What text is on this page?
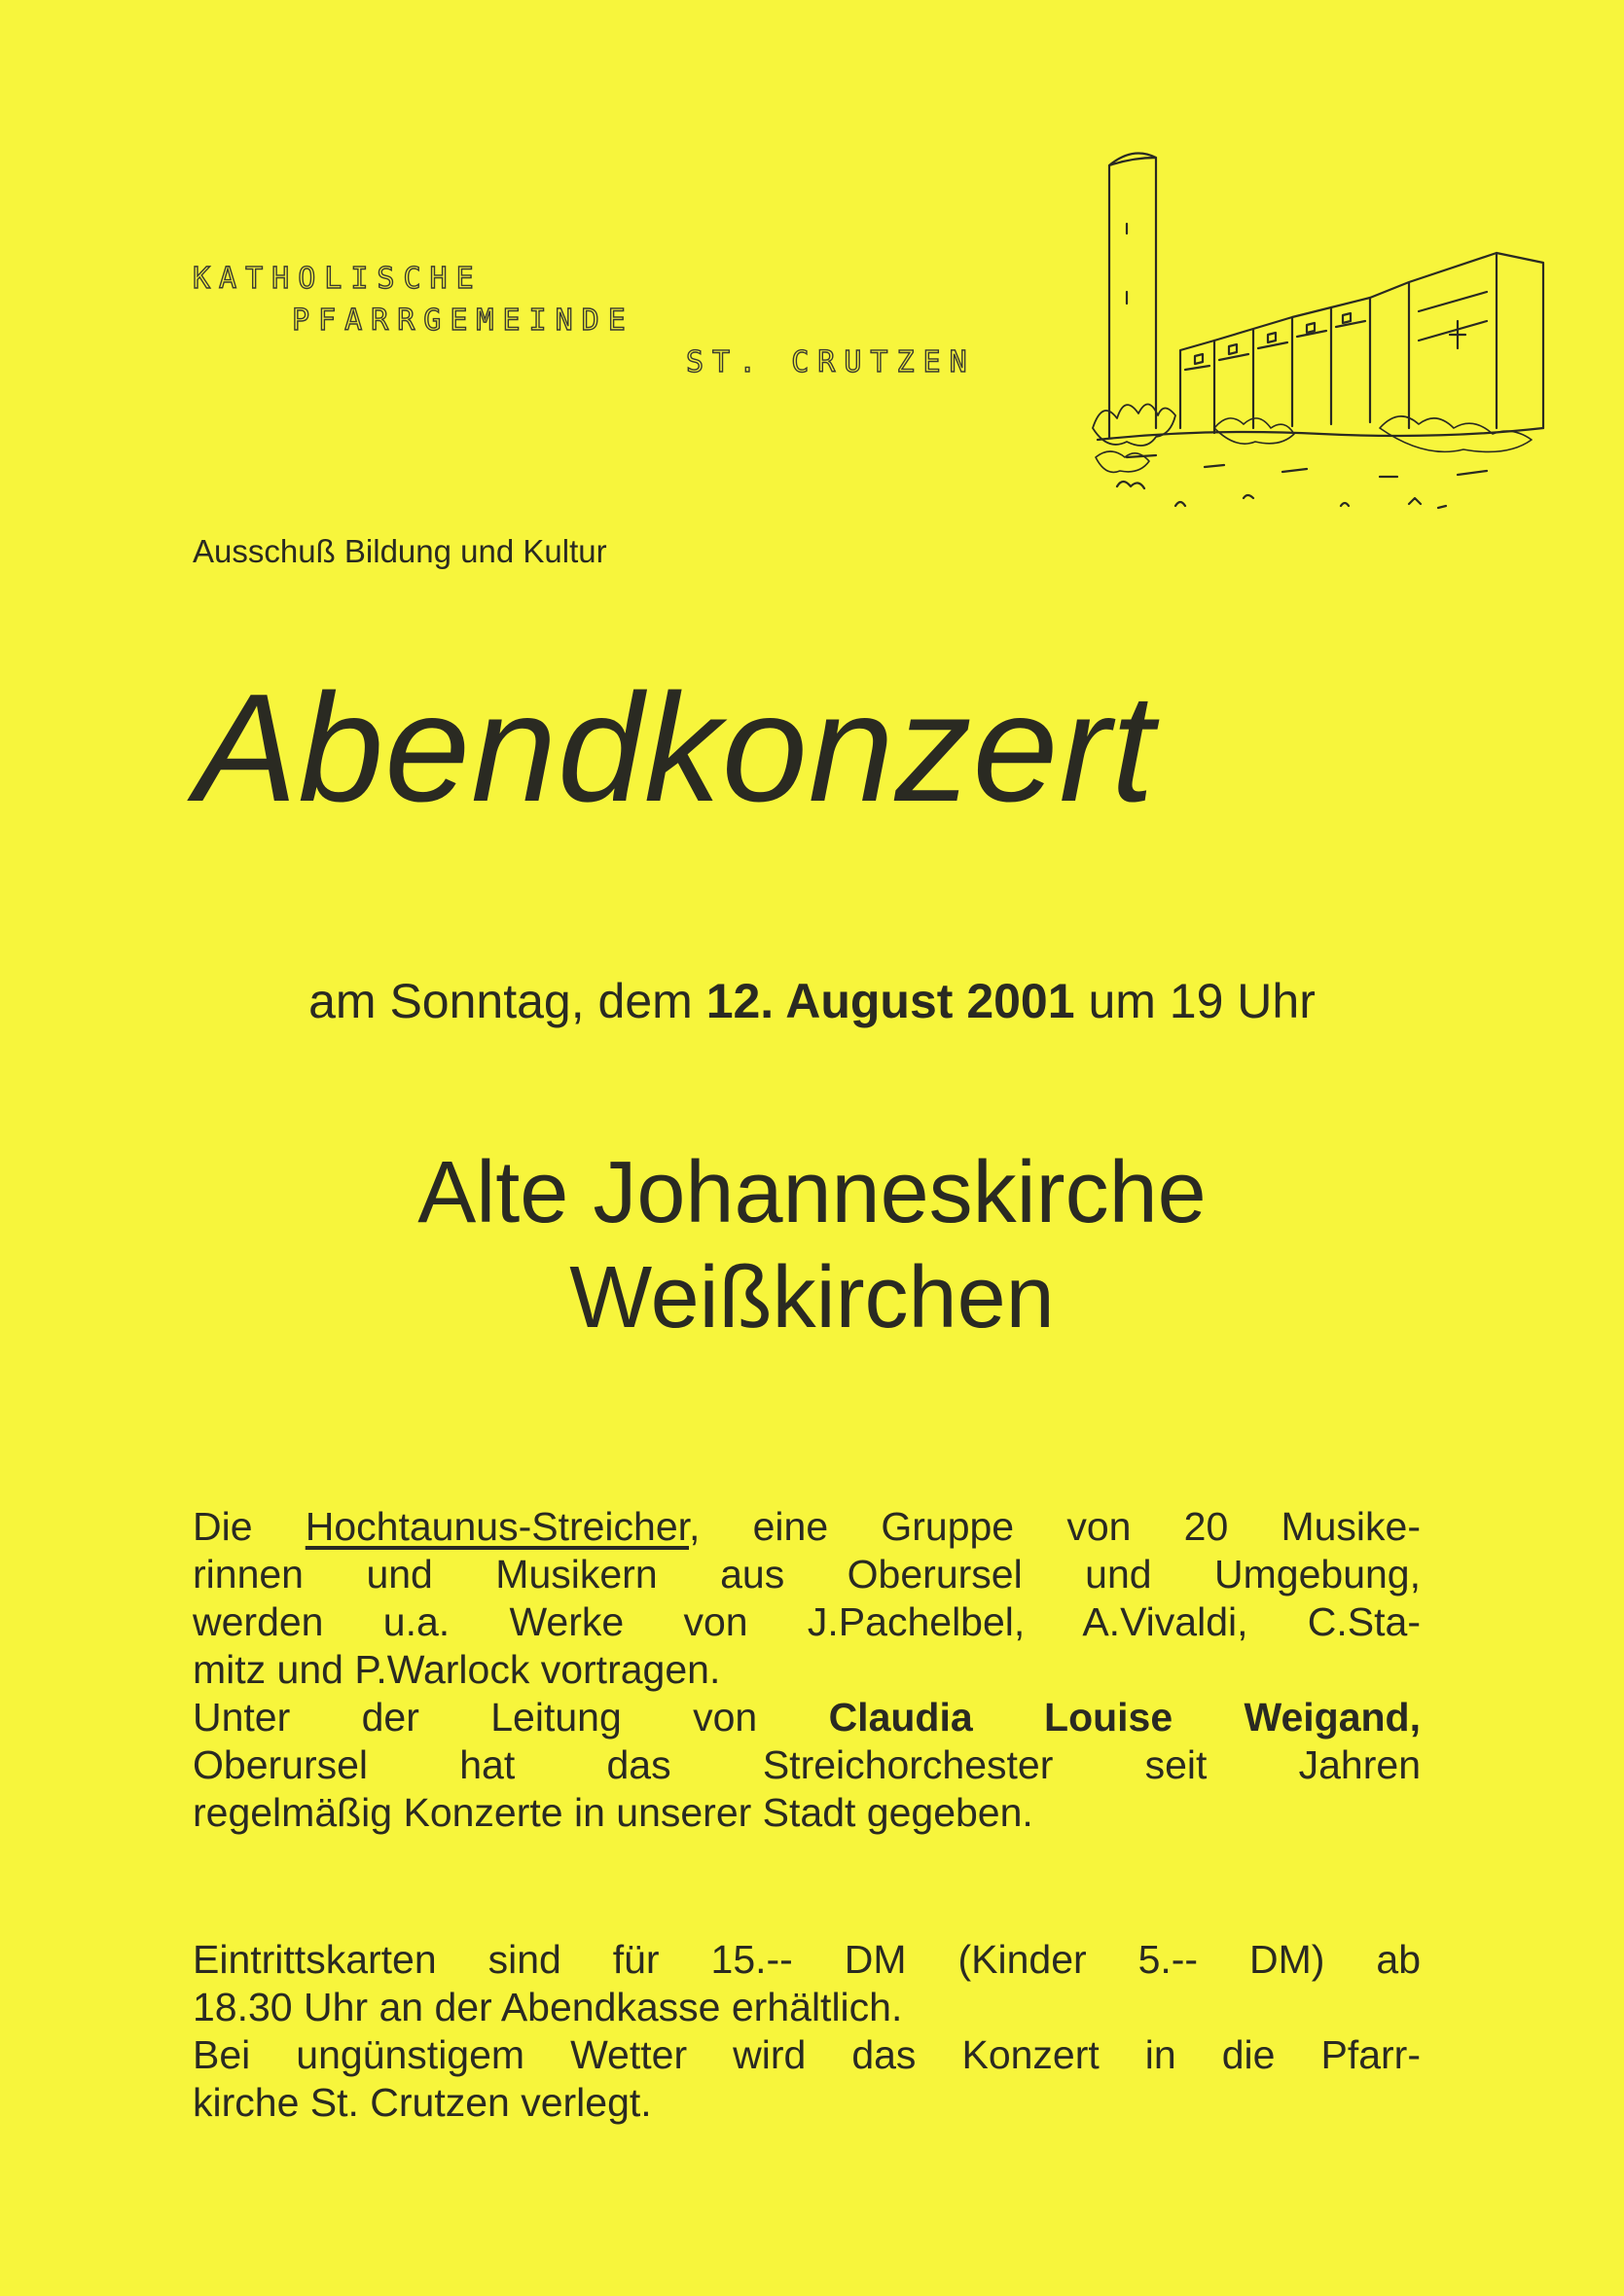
KATHOLISCHE

PFARRGEMEINDE

ST. CRUTZEN

Ausschuß Bildung und Kultur

Abendkonzert

am Sonntag, dem 12. August 2001 um 19 Uhr

Alte Johanneskirche
Weißkirchen
Die Hochtaunus-Streicher, eine Gruppe von 20 Musike-
rinnen und Musikern aus Oberursel und Umgebung,
werden u.a. Werke von J.Pachelbel, A.Vivaldi, C.Sta-
mitz und P.Warlock vortragen.
Unter der Leitung von Claudia Louise Weigand,
Oberursel hat das Streichorchester seit Jahren
regelmäßig Konzerte in unserer Stadt gegeben.
Eintrittskarten sind für 15.-- DM (Kinder 5.-- DM) ab
18.30 Uhr an der Abendkasse erhältlich.
Bei ungünstigem Wetter wird das Konzert in die Pfarr-
kirche St. Crutzen verlegt.
